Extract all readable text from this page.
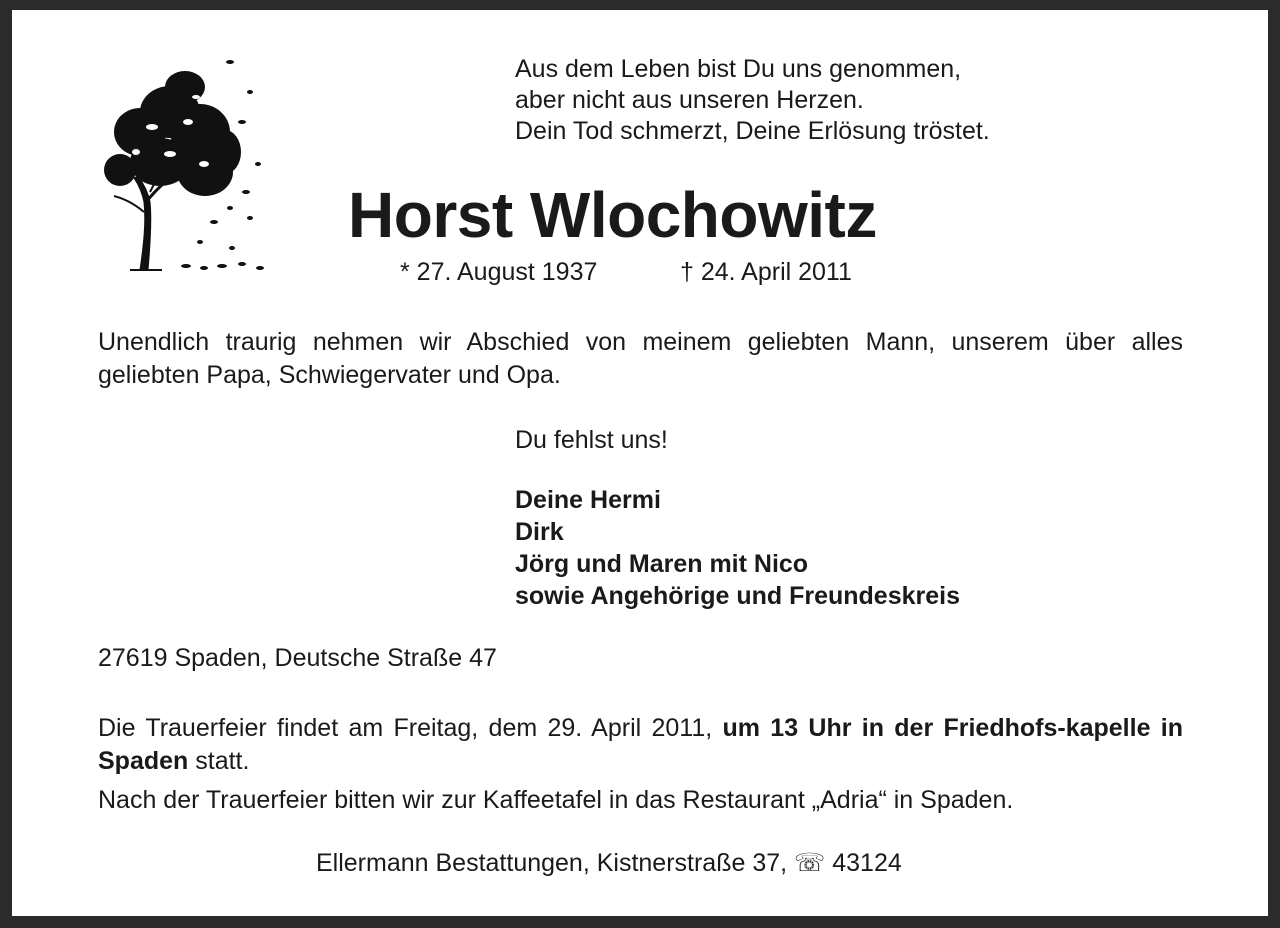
Aus dem Leben bist Du uns genommen,
aber nicht aus unseren Herzen.
Dein Tod schmerzt, Deine Erlösung tröstet.
Horst Wlochowitz
* 27. August 1937	† 24. April 2011
Unendlich traurig nehmen wir Abschied von meinem geliebten Mann, unserem über alles geliebten Papa, Schwiegervater und Opa.
Du fehlst uns!
Deine Hermi
Dirk
Jörg und Maren mit Nico
sowie Angehörige und Freundeskreis
27619 Spaden, Deutsche Straße 47
Die Trauerfeier findet am Freitag, dem 29. April 2011, um 13 Uhr in der Friedhofs-kapelle in Spaden statt.
Nach der Trauerfeier bitten wir zur Kaffeetafel in das Restaurant „Adria“ in Spaden.
Ellermann Bestattungen, Kistnerstraße 37, ☏ 43124
